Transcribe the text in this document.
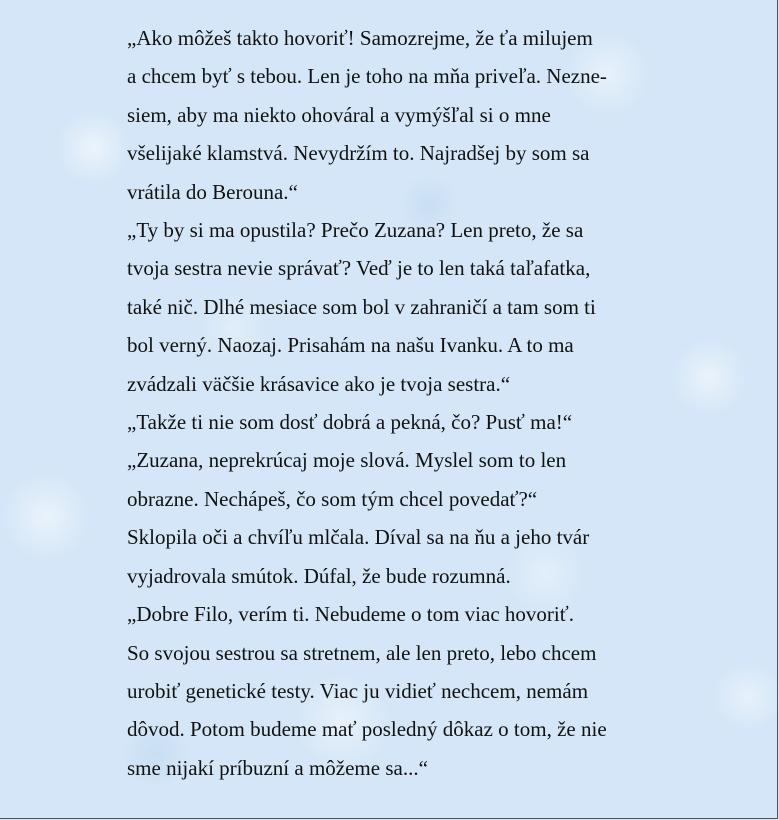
„Ako môžeš takto hovoriť! Samozrejme, že ťa milujem
a chcem byť s tebou. Len je toho na mňa priveľa. Nezne-
siem, aby ma niekto ohováral a vymýšľal si o mne
všelijaké klamstvá. Nevydržím to. Najradšej by som sa
vrátila do Berouna.“
„Ty by si ma opustila? Prečo Zuzana? Len preto, že sa
tvoja sestra nevie správať? Veď je to len taká taľafatka,
také nič. Dlhé mesiace som bol v zahraničí a tam som ti
bol verný. Naozaj. Prisahám na našu Ivanku. A to ma
zvádzali väčšie krásavice ako je tvoja sestra.“
„Takže ti nie som dosť dobrá a pekná, čo? Pusť ma!“
„Zuzana, neprekrúcaj moje slová. Myslel som to len
obrazne. Nechápeš, čo som tým chcel povedať?“
Sklopila oči a chvíľu mlčala. Díval sa na ňu a jeho tvár
vyjadrovala smútok. Dúfal, že bude rozumná.
„Dobre Filo, verím ti. Nebudeme o tom viac hovoriť.
So svojou sestrou sa stretnem, ale len preto, lebo chcem
urobiť genetické testy. Viac ju vidieť nechcem, nemám
dôvod. Potom budeme mať posledný dôkaz o tom, že nie
sme nijakí príbuzní a môžeme sa...“
